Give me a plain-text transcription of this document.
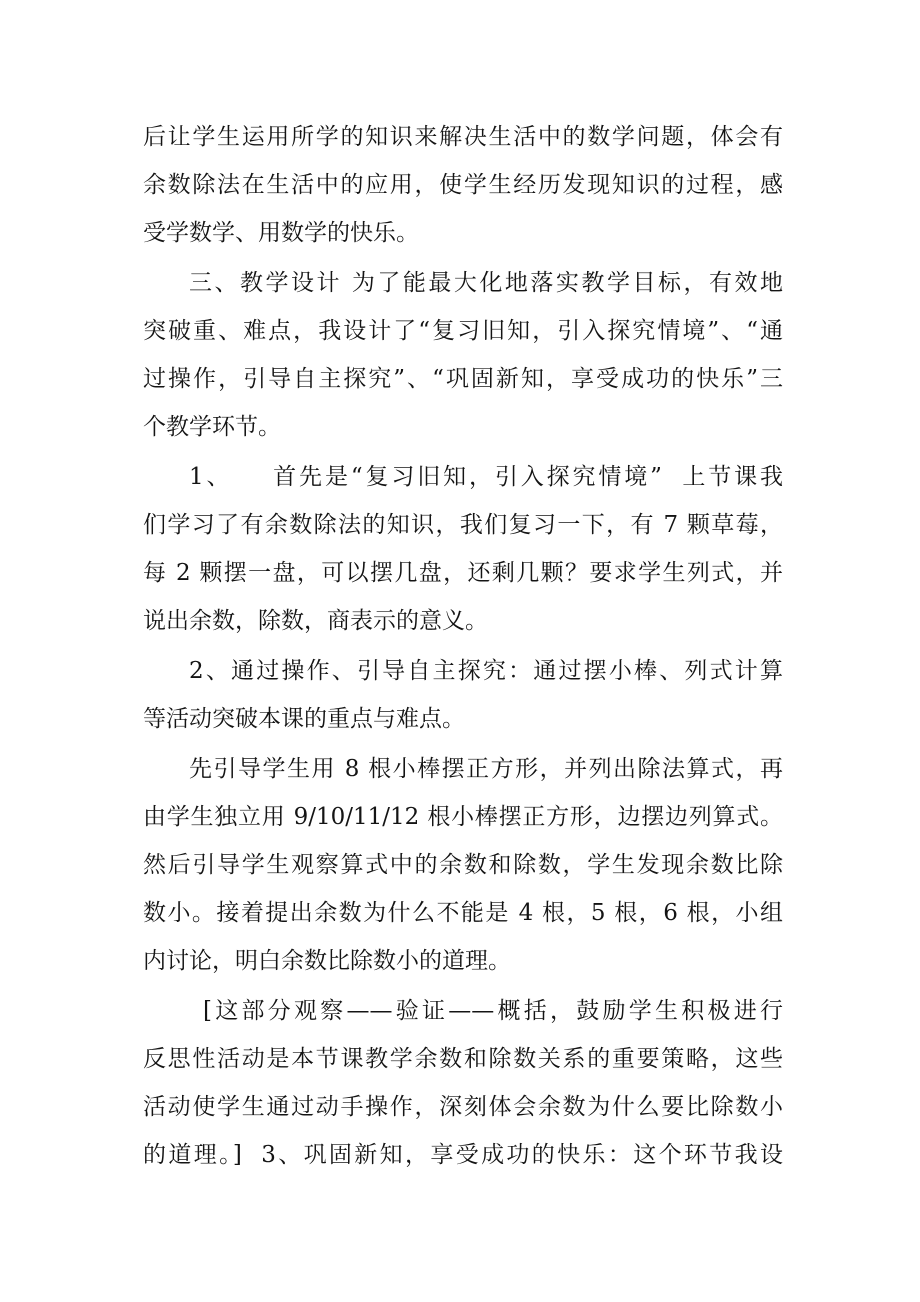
后让学生运用所学的知识来解决生活中的数学问题，体会有
余数除法在生活中的应用，使学生经历发现知识的过程，感
受学数学、用数学的快乐。
三、教学设计 为了能最大化地落实教学目标，有效地
突破重、难点，我设计了“复习旧知，引入探究情境”、“通
过操作，引导自主探究”、“巩固新知，享受成功的快乐”三
个教学环节。
1、    首先是“复习旧知，引入探究情境”  上节课我
们学习了有余数除法的知识，我们复习一下，有 7 颗草莓，
每 2 颗摆一盘，可以摆几盘，还剩几颗？要求学生列式，并
说出余数，除数，商表示的意义。
2、通过操作、引导自主探究：通过摆小棒、列式计算
等活动突破本课的重点与难点。
先引导学生用 8 根小棒摆正方形，并列出除法算式，再
由学生独立用 9/10/11/12 根小棒摆正方形，边摆边列算式。
然后引导学生观察算式中的余数和除数，学生发现余数比除
数小。接着提出余数为什么不能是 4 根，5 根，6 根，小组
内讨论，明白余数比除数小的道理。
[这部分观察——验证——概括，鼓励学生积极进行
反思性活动是本节课教学余数和除数关系的重要策略，这些
活动使学生通过动手操作，深刻体会余数为什么要比除数小
的道理。]  3、巩固新知，享受成功的快乐：这个环节我设
